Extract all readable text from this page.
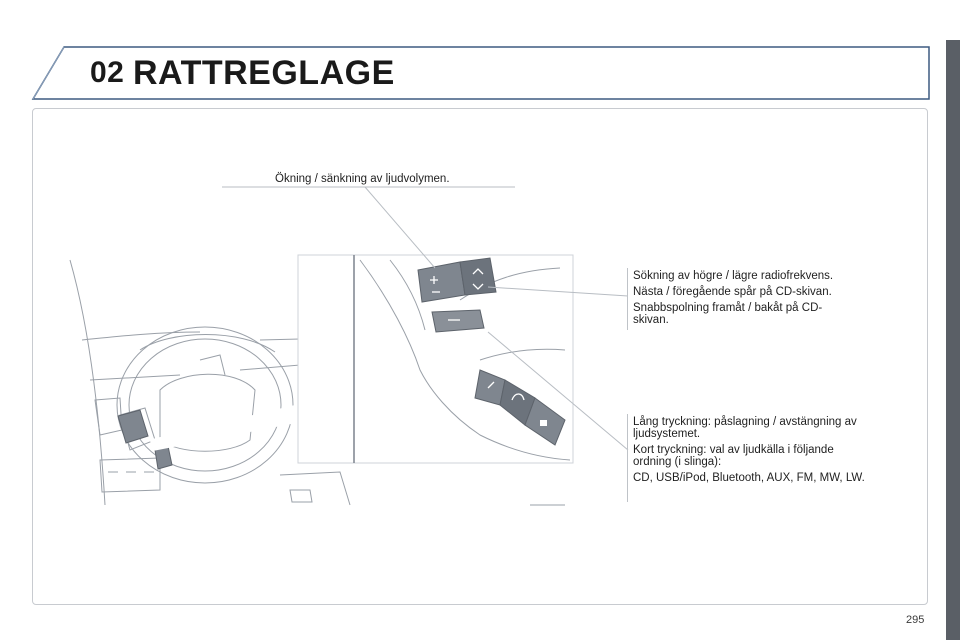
02 RATTREGLAGE
Ökning / sänkning av ljudvolymen.

Sökning av högre / lägre radiofrekvens.

Nästa / föregående spår på CD-skivan.

Snabbspolning framåt / bakåt på CD-skivan.

Lång tryckning: påslagning / avstängning av ljudsystemet.

Kort tryckning: val av ljudkälla i följande ordning (i slinga):

CD, USB/iPod, Bluetooth, AUX, FM, MW, LW.

295
